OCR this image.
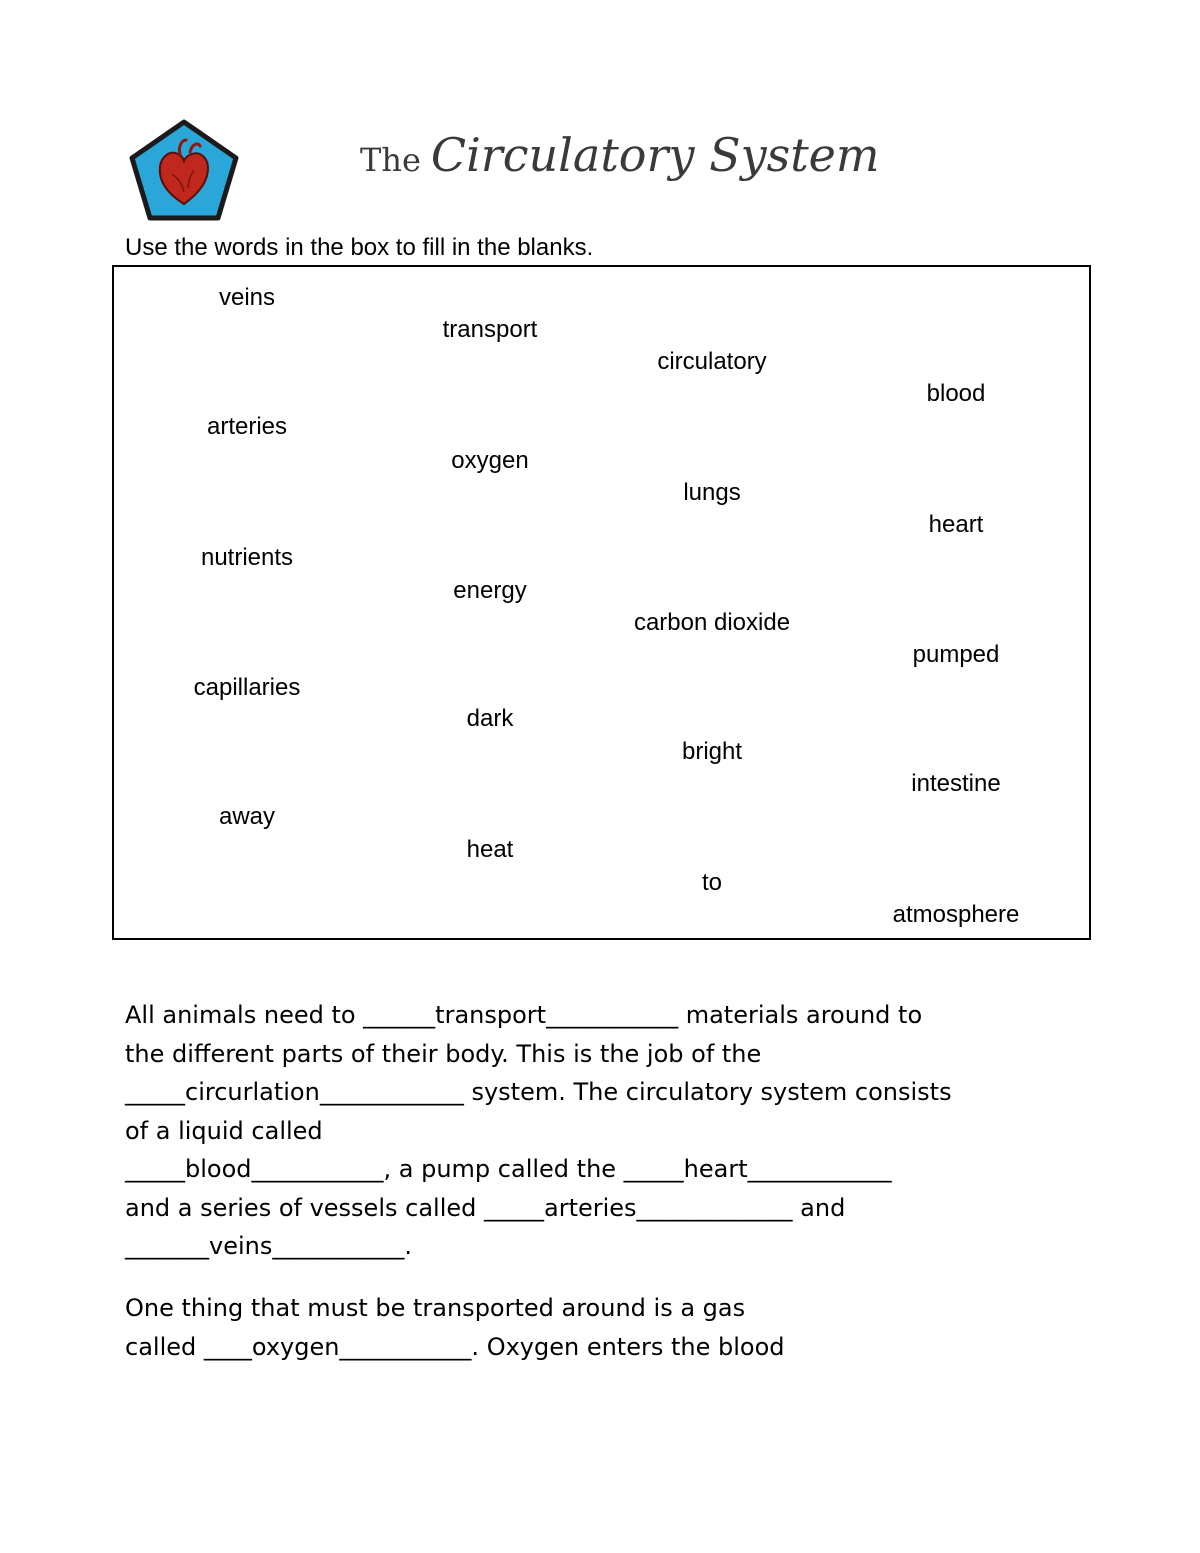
The Circulatory System
Use the words in the box to fill in the blanks.
veins
arteries
nutrients
capillaries
away
transport
oxygen
energy
dark
heat
circulatory
lungs
carbon dioxide
bright
to
blood
heart
pumped
intestine
atmosphere
All animals need to ______transport___________ materials around to
the different parts of their body. This is the job of the
_____circurlation____________ system. The circulatory system consists
of a liquid called
_____blood___________, a pump called the _____heart____________
and a series of vessels called _____arteries_____________ and
_______veins___________.
One thing that must be transported around is a gas
called ____oxygen___________. Oxygen enters the blood
